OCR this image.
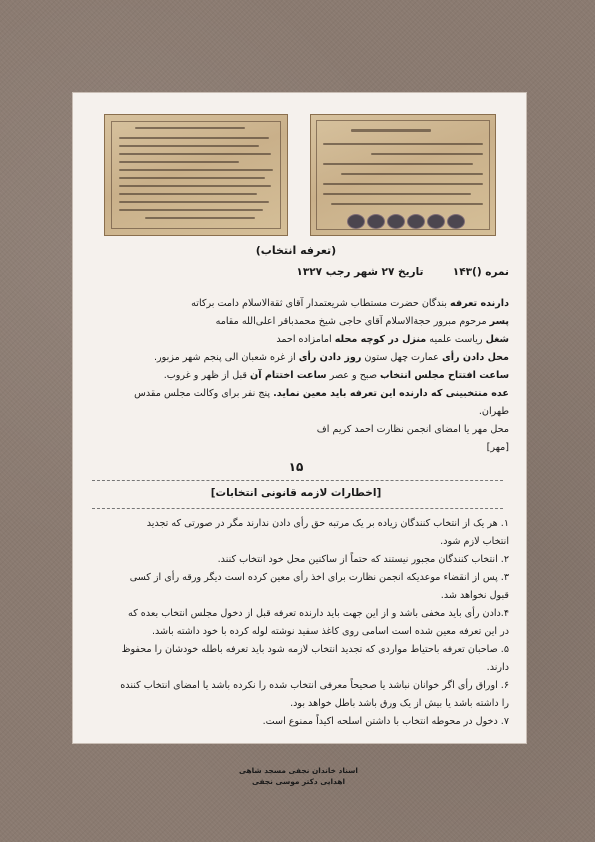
(تعرفه انتخاب)
نمره ()۱۴۳  تاریخ ۲۷ شهر رجب ۱۳۲۷
دارنده تعرفه بندگان حضرت مستطاب شریعتمدار آقای ثقةالاسلام دامت برکاته
پسر مرحوم مبرور حجةالاسلام آقای حاجی شیخ محمدباقر اعلی‌الله مقامه
شغل ریاست علمیه منزل در کوچه محله امامزاده احمد
محل دادن رأی عمارت چهل ستون روز دادن رأی از غره شعبان الی پنجم شهر مزبور.
ساعت افتتاح مجلس انتخاب صبح و عصر ساعت اختتام آن قبل از ظهر و غروب.
عده منتخبینی که دارنده این تعرفه باید معین نماید. پنج نفر برای وکالت مجلس مقدس
طهران.
محل مهر یا امضای انجمن نظارت احمد کریم اف
[مهر]
۱۵
[اخطارات لازمه قانونی انتخابات]
۱. هر یک از انتخاب کنندگان زیاده بر یک مرتبه حق رأی دادن ندارند مگر در صورتی که تجدید
انتخاب لازم شود.
۲. انتخاب کنندگان مجبور نیستند که حتماً از ساکنین محل خود انتخاب کنند.
۳. پس از انقضاء موعدیکه انجمن نظارت برای اخذ رأی معین کرده است دیگر ورقه رأی از کسی
قبول نخواهد شد.
۴.دادن رأی باید مخفی باشد و از این جهت باید دارنده تعرفه قبل از دخول مجلس انتخاب بعده که
در این تعرفه معین شده است اسامی روی کاغذ سفید نوشته لوله کرده با خود داشته باشد.
۵. صاحبان تعرفه باحتیاط مواردی که تجدید انتخاب لازمه شود باید تعرفه باطله خودشان را محفوظ
دارند.
۶. اوراق رأی اگر خوانان نباشد یا صحیحاً معرفی انتخاب شده را نکرده باشد یا امضای انتخاب کننده
را داشته باشد یا بیش از یک ورق باشد باطل خواهد بود.
۷. دخول در محوطه انتخاب با داشتن اسلحه اکیداً ممنوع است.
اسناد خاندان نجفی مسجد شاهی
اهدایی دکتر موسی نجفی
